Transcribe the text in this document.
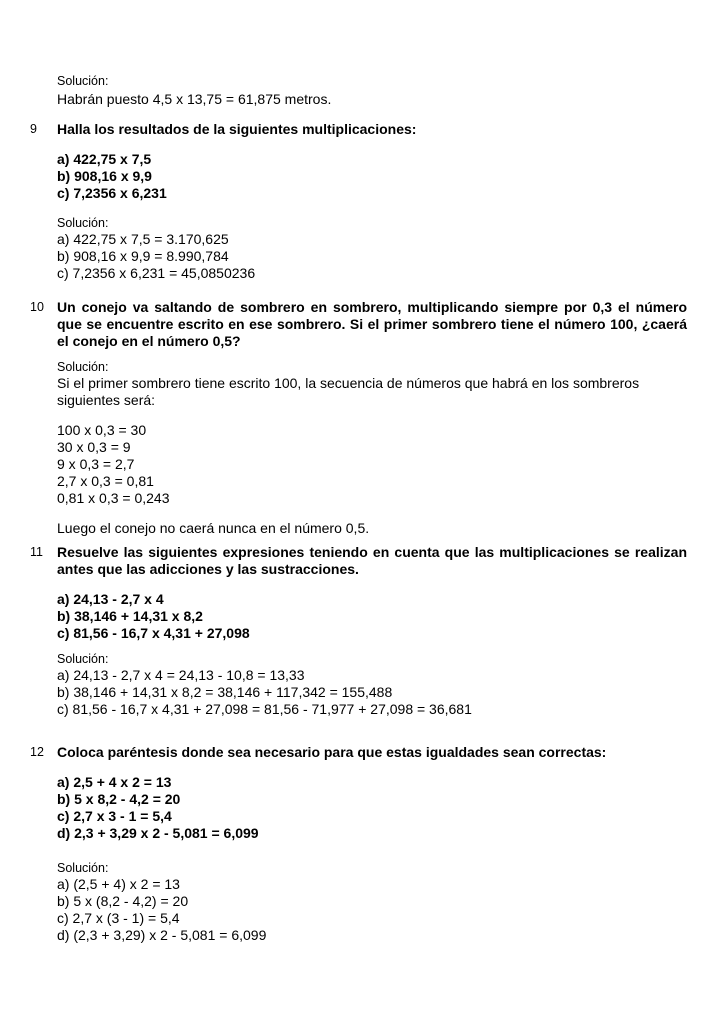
Solución:
Habrán puesto 4,5 x 13,75 = 61,875 metros.
9 Halla los resultados de la siguientes multiplicaciones:
a) 422,75 x 7,5
b) 908,16 x 9,9
c) 7,2356 x 6,231
Solución:
a) 422,75 x 7,5 = 3.170,625
b) 908,16 x 9,9 = 8.990,784
c) 7,2356 x 6,231 = 45,0850236
10 Un conejo va saltando de sombrero en sombrero, multiplicando siempre por 0,3 el número que se encuentre escrito en ese sombrero. Si el primer sombrero tiene el número 100, ¿caerá el conejo en el número 0,5?
Solución:
Si el primer sombrero tiene escrito 100, la secuencia de números que habrá en los sombreros siguientes será:
100 x 0,3 = 30
30 x 0,3 = 9
9 x 0,3 = 2,7
2,7 x 0,3 = 0,81
0,81 x 0,3 = 0,243
Luego el conejo no caerá nunca en el número 0,5.
11 Resuelve las siguientes expresiones teniendo en cuenta que las multiplicaciones se realizan antes que las adicciones y las sustracciones.
a) 24,13 - 2,7 x 4
b) 38,146 + 14,31 x 8,2
c) 81,56 - 16,7 x 4,31 + 27,098
Solución:
a) 24,13 - 2,7 x 4 = 24,13 - 10,8 = 13,33
b) 38,146 + 14,31 x 8,2 = 38,146 + 117,342 = 155,488
c) 81,56 - 16,7 x 4,31 + 27,098 = 81,56 - 71,977 + 27,098 = 36,681
12 Coloca paréntesis donde sea necesario para que estas igualdades sean correctas:
a) 2,5 + 4 x 2 = 13
b) 5 x 8,2 - 4,2 = 20
c) 2,7 x 3 - 1 = 5,4
d) 2,3 + 3,29 x 2 - 5,081 = 6,099
Solución:
a) (2,5 + 4) x 2 = 13
b) 5 x (8,2 - 4,2) = 20
c) 2,7 x (3 - 1) = 5,4
d) (2,3 + 3,29) x 2 - 5,081 = 6,099
